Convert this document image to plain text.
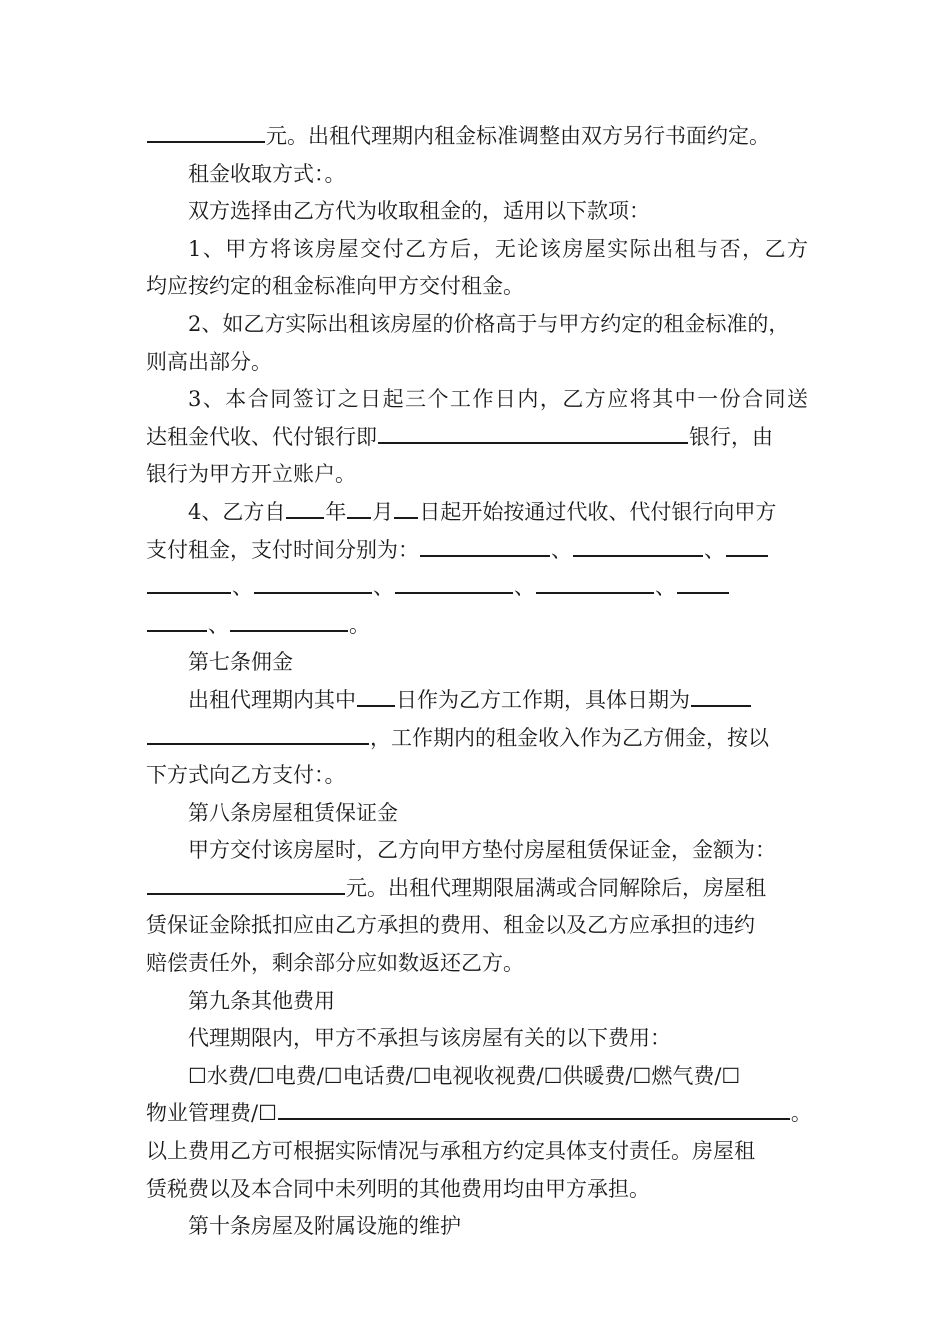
元。出租代理期内租金标准调整由双方另行书面约定。
租金收取方式：。
双方选择由乙方代为收取租金的，适用以下款项：
1、甲方将该房屋交付乙方后，无论该房屋实际出租与否，乙方
均应按约定的租金标准向甲方交付租金。
2、如乙方实际出租该房屋的价格高于与甲方约定的租金标准的，
则高出部分。
3、本合同签订之日起三个工作日内，乙方应将其中一份合同送
达租金代收、代付银行即	银行，由
银行为甲方开立账户。
4、乙方自 年 月 日起开始按通过代收、代付银行向甲方
支付租金，支付时间分别为：	、	、
、	、	、	、
、	。
第七条佣金
出租代理期内其中 日作为乙方工作期，具体日期为
，工作期内的租金收入作为乙方佣金，按以
下方式向乙方支付：。
第八条房屋租赁保证金
甲方交付该房屋时，乙方向甲方垫付房屋租赁保证金，金额为：
元。出租代理期限届满或合同解除后，房屋租
赁保证金除抵扣应由乙方承担的费用、租金以及乙方应承担的违约
赔偿责任外，剩余部分应如数返还乙方。
第九条其他费用
代理期限内，甲方不承担与该房屋有关的以下费用：
☐水费/☐电费/☐电话费/☐电视收视费/☐供暖费/☐燃气费/☐
物业管理费/☐	。
以上费用乙方可根据实际情况与承租方约定具体支付责任。房屋租
赁税费以及本合同中未列明的其他费用均由甲方承担。
第十条房屋及附属设施的维护
